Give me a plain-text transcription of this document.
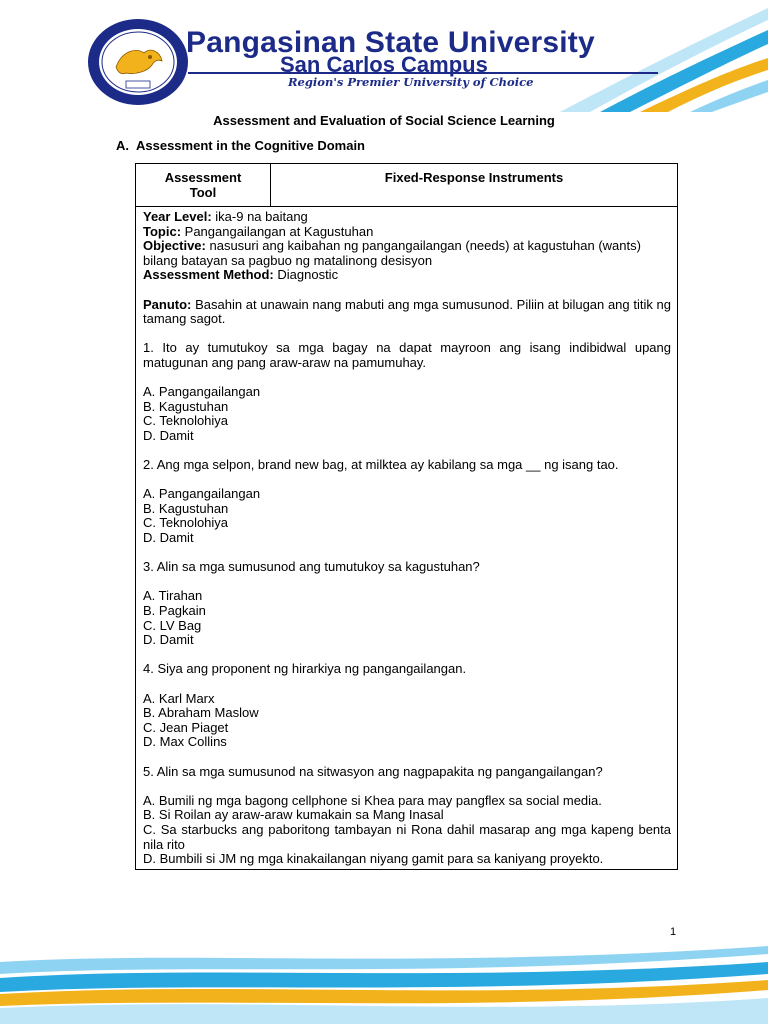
Pangasinan State University
San Carlos Campus
Region's Premier University of Choice
Assessment and Evaluation of Social Science Learning
A. Assessment in the Cognitive Domain
Assessment Tool
Fixed-Response Instruments

Year Level: ika-9 na baitang

Topic: Pangangailangan at Kagustuhan

Objective: nasusuri ang kaibahan ng pangangailangan (needs) at kagustuhan (wants) bilang batayan sa pagbuo ng matalinong desisyon

Assessment Method: Diagnostic

Panuto: Basahin at unawain nang mabuti ang mga sumusunod. Piliin at bilugan ang titik ng tamang sagot.

1. Ito ay tumutukoy sa mga bagay na dapat mayroon ang isang indibidwal upang matugunan ang pang araw-araw na pamumuhay.

A. Pangangailangan

B. Kagustuhan

C. Teknolohiya

D. Damit

2. Ang mga selpon, brand new bag, at milktea ay kabilang sa mga __ ng isang tao.

A. Pangangailangan

B. Kagustuhan

C. Teknolohiya

D. Damit

3. Alin sa mga sumusunod ang tumutukoy sa kagustuhan?

A. Tirahan

B. Pagkain

C. LV Bag

D. Damit

4. Siya ang proponent ng hirarkiya ng pangangailangan.

A. Karl Marx

B. Abraham Maslow

C. Jean Piaget

D. Max Collins

5. Alin sa mga sumusunod na sitwasyon ang nagpapakita ng pangangailangan?

A. Bumili ng mga bagong cellphone si Khea para may pangflex sa social media.

B. Si Roilan ay araw-araw kumakain sa Mang Inasal

C. Sa starbucks ang paboritong tambayan ni Rona dahil masarap ang mga kapeng benta nila rito

D. Bumbili si JM ng mga kinakailangan niyang gamit para sa kaniyang proyekto.

1
